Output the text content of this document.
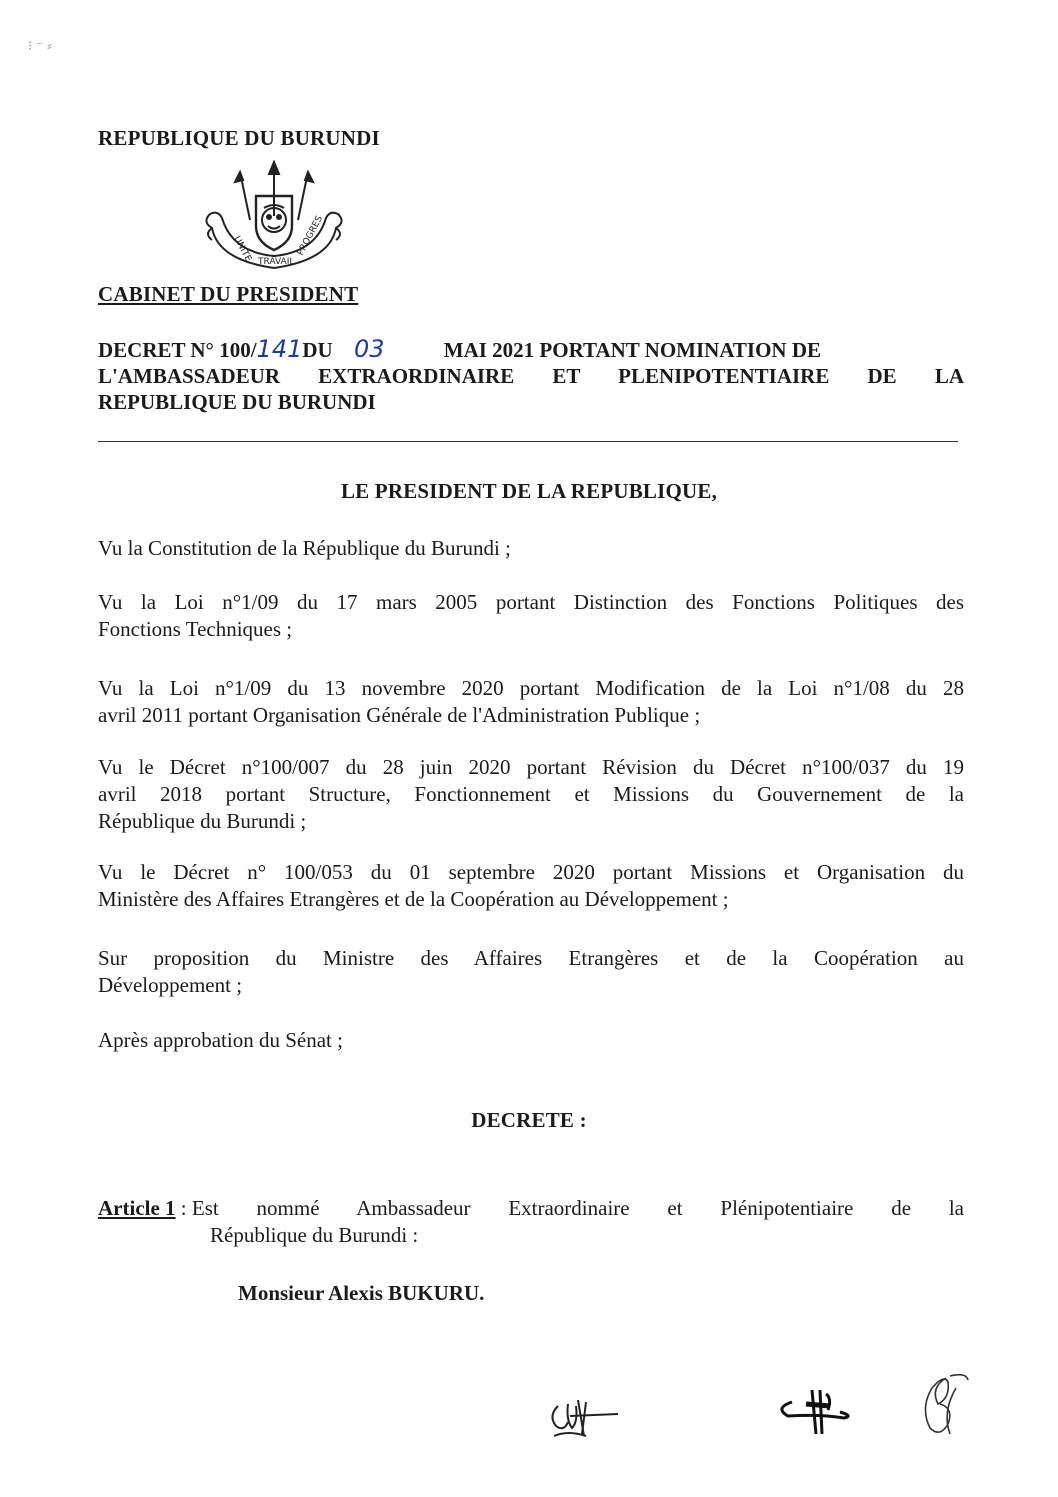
⁝ ⁻ ⸗
REPUBLIQUE DU BURUNDI
UNITE TRAVAIL
PROGRES
CABINET DU PRESIDENT
DECRET N° 100/141DU 03	MAI 2021 PORTANT NOMINATION DE
L'AMBASSADEUR EXTRAORDINAIRE ET PLENIPOTENTIAIRE DE LA
REPUBLIQUE DU BURUNDI
LE PRESIDENT DE LA REPUBLIQUE,
Vu la Constitution de la République du Burundi ;
Vu la Loi n°1/09 du 17 mars 2005 portant Distinction des Fonctions Politiques des
Fonctions Techniques ;
Vu la Loi n°1/09 du 13 novembre 2020 portant Modification de la Loi n°1/08 du 28
avril 2011 portant Organisation Générale de l'Administration Publique ;
Vu le Décret n°100/007 du 28 juin 2020 portant Révision du Décret n°100/037 du 19
avril 2018 portant Structure, Fonctionnement et Missions du Gouvernement de la
République du Burundi ;
Vu le Décret n° 100/053 du 01 septembre 2020 portant Missions et Organisation du
Ministère des Affaires Etrangères et de la Coopération au Développement ;
Sur proposition du Ministre des Affaires Etrangères et de la Coopération au
Développement ;
Après approbation du Sénat ;
DECRETE :
Article 1 : Est nommé Ambassadeur Extraordinaire et Plénipotentiaire de la
République du Burundi :
Monsieur Alexis BUKURU.
